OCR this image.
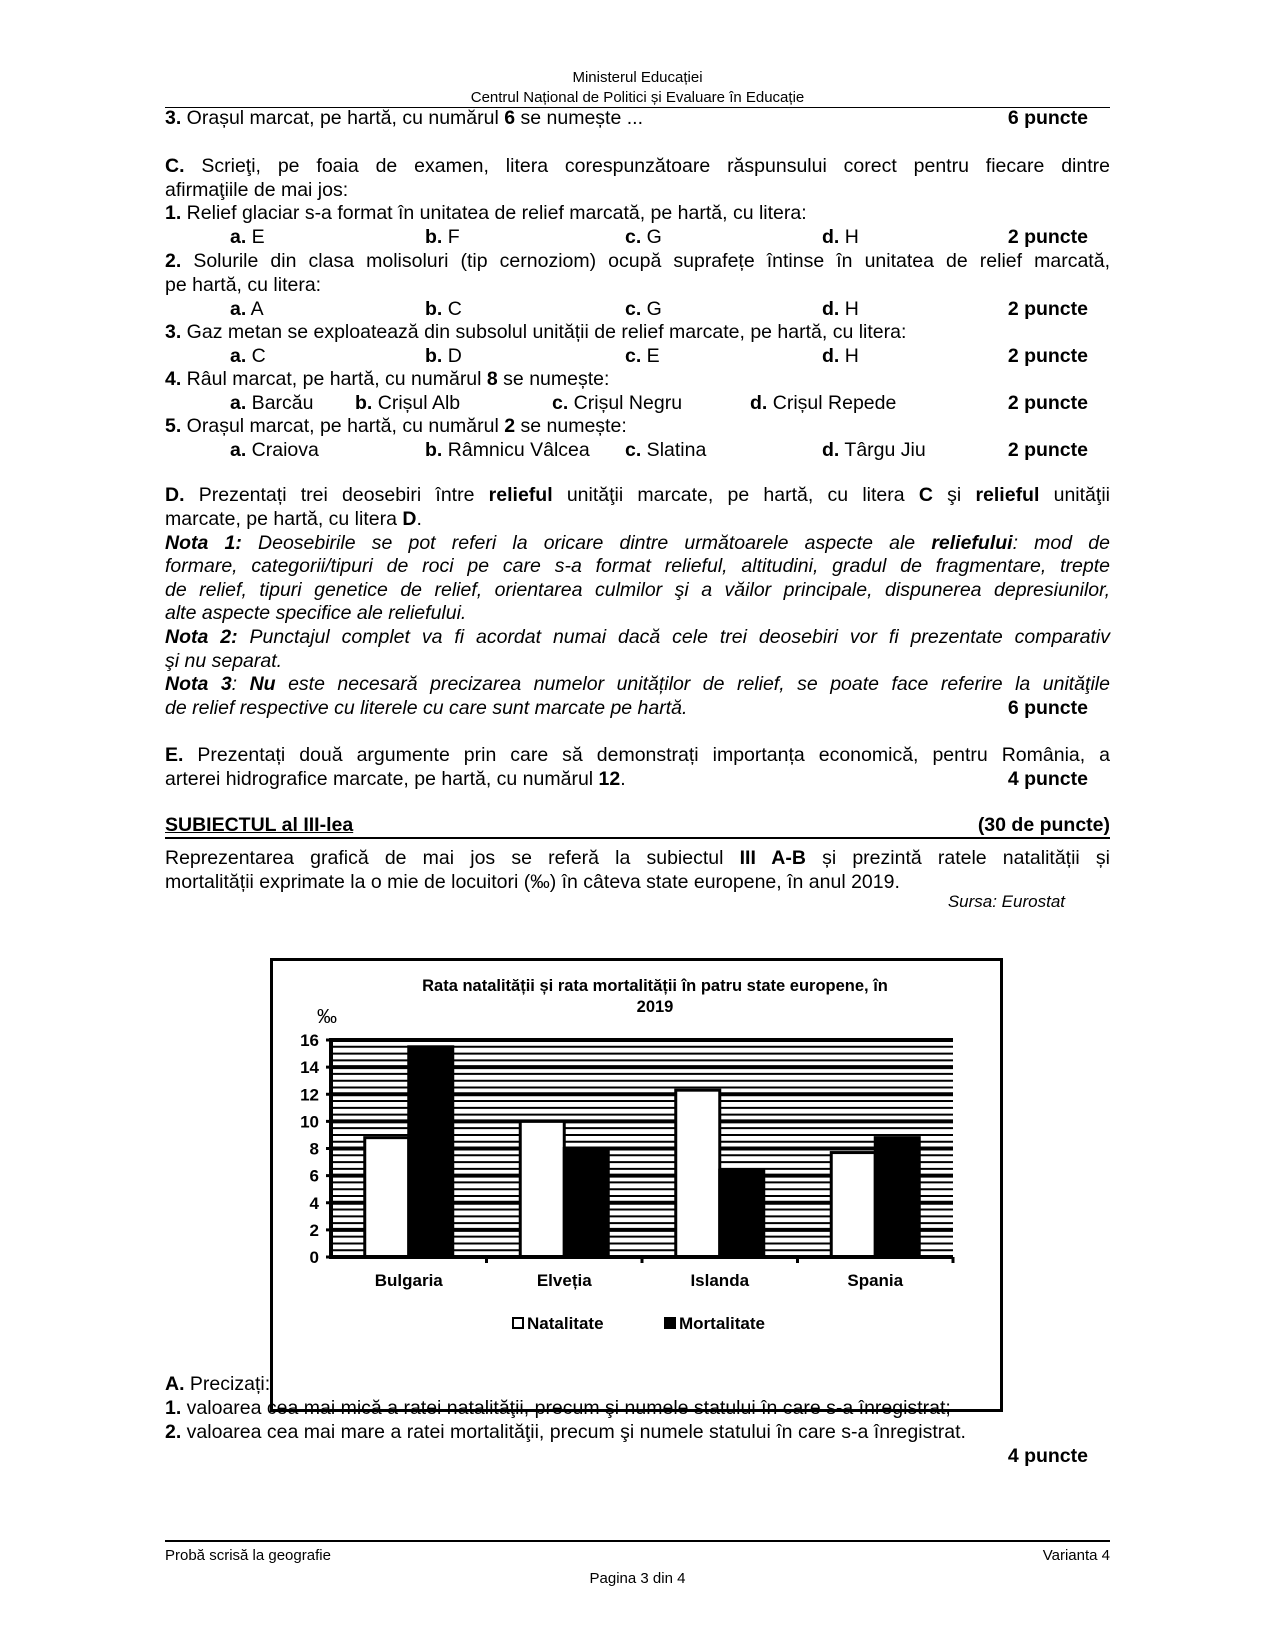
Ministerul Educației
Centrul Național de Politici și Evaluare în Educație
3. Orașul marcat, pe hartă, cu numărul 6 se numește ...	6 puncte
C. Scrieţi, pe foaia de examen, litera corespunzătoare răspunsului corect pentru fiecare dintre
afirmaţiile de mai jos:
1. Relief glaciar s-a format în unitatea de relief marcată, pe hartă, cu litera:
a. E	b. F	c. G	d. H	2 puncte
2. Solurile din clasa molisoluri (tip cernoziom) ocupă suprafețe întinse în unitatea de relief marcată,
pe hartă, cu litera:
a. A	b. C	c. G	d. H	2 puncte
3. Gaz metan se exploatează din subsolul unității de relief marcate, pe hartă, cu litera:
a. C	b. D	c. E	d. H	2 puncte
4. Râul marcat, pe hartă, cu numărul 8 se numește:
a. Barcău b. Crișul Alb	c. Crișul Negru	d. Crișul Repede	2 puncte
5. Orașul marcat, pe hartă, cu numărul 2 se numește:
a. Craiova	b. Râmnicu Vâlcea c. Slatina	d. Târgu Jiu	2 puncte
D. Prezentați trei deosebiri între relieful unităţii marcate, pe hartă, cu litera C şi relieful unităţii
marcate, pe hartă, cu litera D.
Nota 1: Deosebirile se pot referi la oricare dintre următoarele aspecte ale reliefului: mod de
formare, categorii/tipuri de roci pe care s-a format relieful, altitudini, gradul de fragmentare, trepte
de relief, tipuri genetice de relief, orientarea culmilor şi a văilor principale, dispunerea depresiunilor,
alte aspecte specifice ale reliefului.
Nota 2: Punctajul complet va fi acordat numai dacă cele trei deosebiri vor fi prezentate comparativ
şi nu separat.
Nota 3: Nu este necesară precizarea numelor unităților de relief, se poate face referire la unităţile
de relief respective cu literele cu care sunt marcate pe hartă.	6 puncte
E. Prezentați două argumente prin care să demonstrați importanța economică, pentru România, a
arterei hidrografice marcate, pe hartă, cu numărul 12.	4 puncte
SUBIECTUL al III-lea	(30 de puncte)
Reprezentarea grafică de mai jos se referă la subiectul III A-B și prezintă ratele natalității și
mortalității exprimate la o mie de locuitori (‰) în câteva state europene, în anul 2019.
Sursa: Eurostat
A. Precizați:
1. valoarea cea mai mică a ratei natalităţii, precum şi numele statului în care s-a înregistrat;
2. valoarea cea mai mare a ratei mortalităţii, precum şi numele statului în care s-a înregistrat.
4 puncte
Rata natalității și rata mortalității în patru state europene, în
2019
‰
0
2
4
6
8
10
12
14
16
Bulgaria	Elveția	Islanda	Spania
Natalitate	Mortalitate
Probă scrisă la geografie	Varianta 4
Pagina 3 din 4
